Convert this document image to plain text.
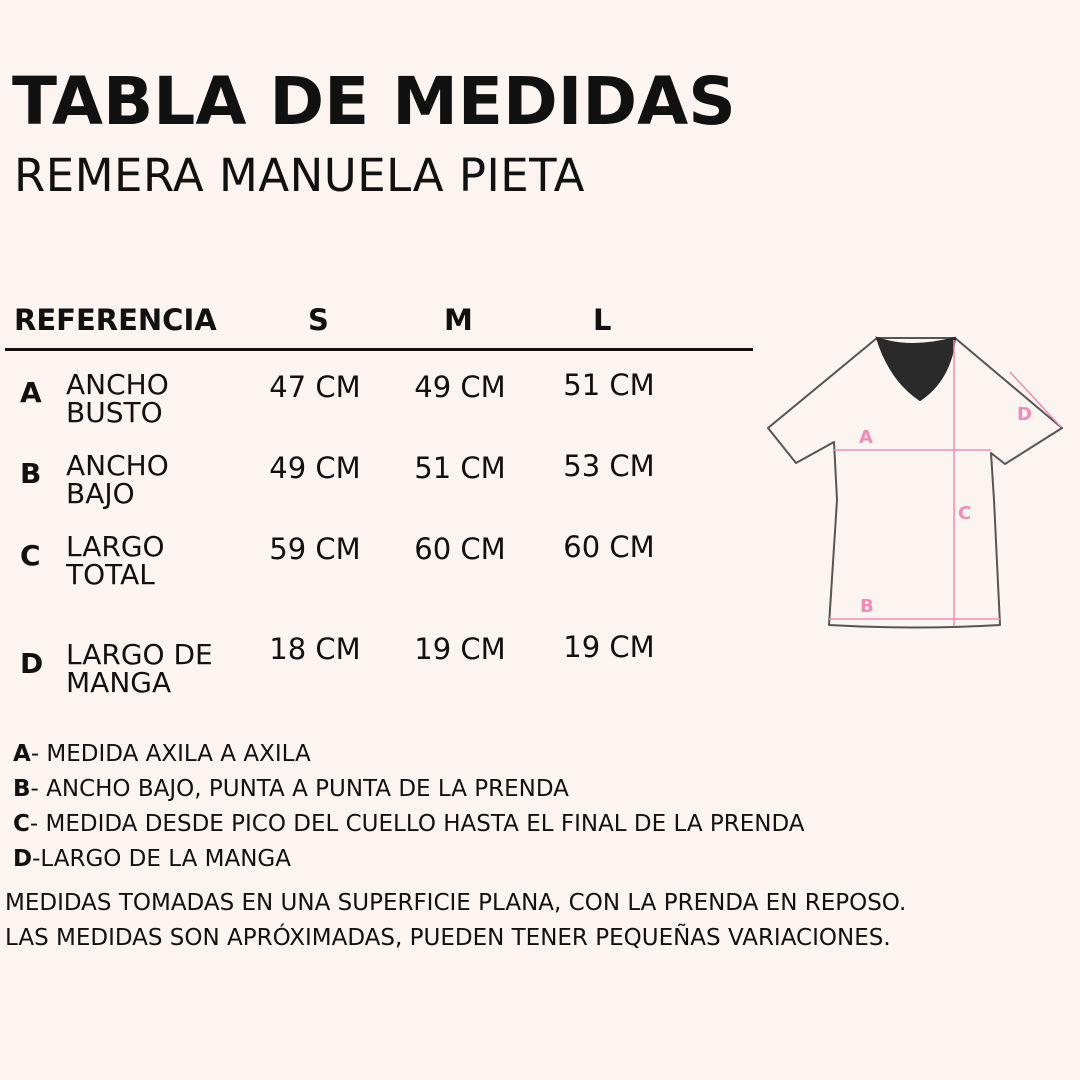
TABLA DE MEDIDAS
REMERA MANUELA PIETA
REFERENCIA	S	M	L
A ANCHO
BUSTO
47 CM 49 CM 51 CM
B ANCHO
BAJO
49 CM 51 CM 53 CM
C LARGO
TOTAL
59 CM 60 CM 60 CM
D LARGO DE
MANGA
18 CM 19 CM 19 CM
A
B
C
D
A- MEDIDA AXILA A AXILA
B- ANCHO BAJO, PUNTA A PUNTA DE LA PRENDA
C- MEDIDA DESDE PICO DEL CUELLO HASTA EL FINAL DE LA PRENDA
D-LARGO DE LA MANGA
MEDIDAS TOMADAS EN UNA SUPERFICIE PLANA, CON LA PRENDA EN REPOSO.
LAS MEDIDAS SON APRÓXIMADAS, PUEDEN TENER PEQUEÑAS VARIACIONES.
